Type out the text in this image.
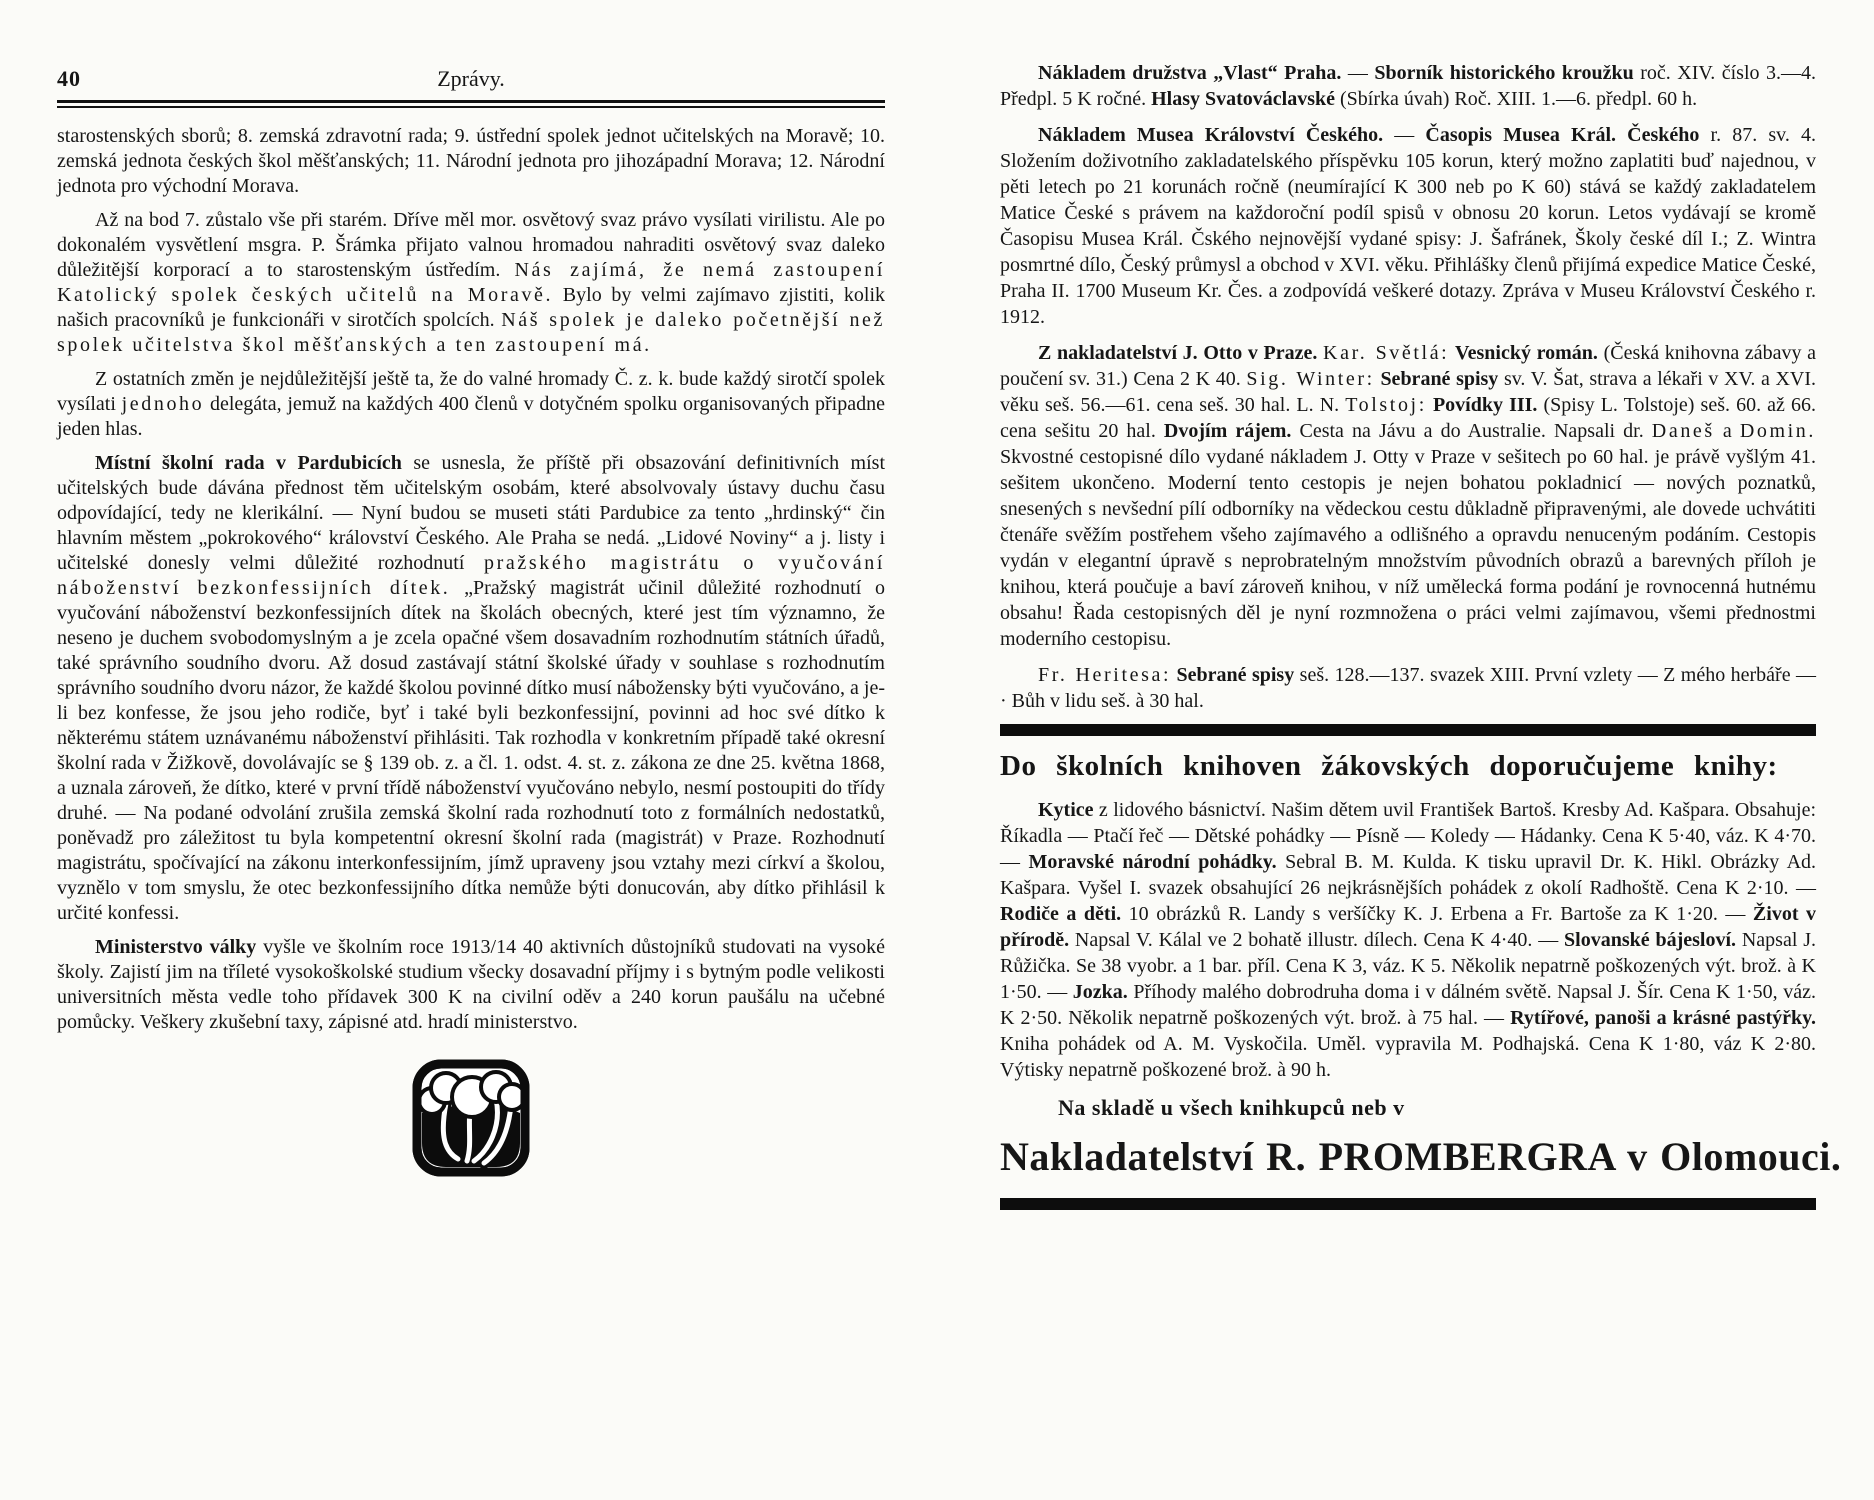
40	Zprávy.

starostenských sborů; 8. zemská zdravotní rada; 9. ústřední spolek jednot učitelských na Moravě; 10. zemská jednota českých škol měšťanských; 11. Národní jednota pro jihozápadní Morava; 12. Národní jednota pro východní Morava.

Až na bod 7. zůstalo vše při starém. Dříve měl mor. osvětový svaz právo vysílati virilistu. Ale po dokonalém vysvětlení msgra. P. Šrámka přijato valnou hromadou nahraditi osvětový svaz daleko důležitější korporací a to starostenským ústředím. Nás zajímá, že nemá zastoupení Katolický spolek českých učitelů na Moravě. Bylo by velmi zajímavo zjistiti, kolik našich pracovníků je funkcionáři v sirotčích spolcích. Náš spolek je daleko početnější než spolek učitelstva škol měšťanských a ten zastoupení má.

Z ostatních změn je nejdůležitější ještě ta, že do valné hromady Č. z. k. bude každý sirotčí spolek vysílati jednoho delegáta, jemuž na každých 400 členů v dotyčném spolku organisovaných připadne jeden hlas.

Místní školní rada v Pardubicích se usnesla, že příště při obsazování definitivních míst učitelských bude dávána přednost těm učitelským osobám, které absolvovaly ústavy duchu času odpovídající, tedy ne klerikální. — Nyní budou se museti státi Pardubice za tento „hrdinský“ čin hlavním městem „pokrokového“ království Českého. Ale Praha se nedá. „Lidové Noviny“ a j. listy i učitelské donesly velmi důležité rozhodnutí pražského magistrátu o vyučování náboženství bezkonfessijních dítek. „Pražský magistrát učinil důležité rozhodnutí o vyučování náboženství bezkonfessijních dítek na školách obecných, které jest tím významno, že neseno je duchem svobodomyslným a je zcela opačné všem dosavadním rozhodnutím státních úřadů, také správního soudního dvoru. Až dosud zastávají státní školské úřady v souhlase s rozhodnutím správního soudního dvoru názor, že každé školou povinné dítko musí nábožensky býti vyučováno, a je-li bez konfesse, že jsou jeho rodiče, byť i také byli bezkonfessijní, povinni ad hoc své dítko k některému státem uznávanému náboženství přihlásiti. Tak rozhodla v konkretním případě také okresní školní rada v Žižkově, dovolávajíc se § 139 ob. z. a čl. 1. odst. 4. st. z. zákona ze dne 25. května 1868, a uznala zároveň, že dítko, které v první třídě náboženství vyučováno nebylo, nesmí postoupiti do třídy druhé. — Na podané odvolání zrušila zemská školní rada rozhodnutí toto z formálních nedostatků, poněvadž pro záležitost tu byla kompetentní okresní školní rada (magistrát) v Praze. Rozhodnutí magistrátu, spočívající na zákonu interkonfessijním, jímž upraveny jsou vztahy mezi církví a školou, vyznělo v tom smyslu, že otec bezkonfessijního dítka nemůže býti donucován, aby dítko přihlásil k určité konfessi.

Ministerstvo války vyšle ve školním roce 1913/14 40 aktivních důstojníků studovati na vysoké školy. Zajistí jim na tříleté vysokoškolské studium všecky dosavadní příjmy i s bytným podle velikosti universitních města vedle toho přídavek 300 K na civilní oděv a 240 korun paušálu na učebné pomůcky. Veškery zkušební taxy, zápisné atd. hradí ministerstvo.

Nákladem družstva „Vlast“ Praha. — Sborník historického kroužku roč. XIV. číslo 3.—4. Předpl. 5 K ročné. Hlasy Svatováclavské (Sbírka úvah) Roč. XIII. 1.—6. předpl. 60 h.

Nákladem Musea Království Českého. — Časopis Musea Král. Českého r. 87. sv. 4. Složením doživotního zakladatelského příspěvku 105 korun, který možno zaplatiti buď najednou, v pěti letech po 21 korunách ročně (neumírající K 300 neb po K 60) stává se každý zakladatelem Matice České s právem na každoroční podíl spisů v obnosu 20 korun. Letos vydávají se kromě Časopisu Musea Král. Čského nejnovější vydané spisy: J. Šafránek, Školy české díl I.; Z. Wintra posmrtné dílo, Český průmysl a obchod v XVI. věku. Přihlášky členů přijímá expedice Matice České, Praha II. 1700 Museum Kr. Čes. a zodpovídá veškeré dotazy. Zpráva v Museu Království Českého r. 1912.

Z nakladatelství J. Otto v Praze. Kar. Světlá: Vesnický román. (Česká knihovna zábavy a poučení sv. 31.) Cena 2 K 40. Sig. Winter: Sebrané spisy sv. V. Šat, strava a lékaři v XV. a XVI. věku seš. 56.—61. cena seš. 30 hal. L. N. Tolstoj: Povídky III. (Spisy L. Tolstoje) seš. 60. až 66. cena sešitu 20 hal. Dvojím rájem. Cesta na Jávu a do Australie. Napsali dr. Daneš a Domin. Skvostné cestopisné dílo vydané nákladem J. Otty v Praze v sešitech po 60 hal. je právě vyšlým 41. sešitem ukončeno. Moderní tento cestopis je nejen bohatou pokladnicí — nových poznatků, snesených s nevšední pílí odborníky na vědeckou cestu důkladně připravenými, ale dovede uchvátiti čtenáře svěžím postřehem všeho zajímavého a odlišného a opravdu nenuceným podáním. Cestopis vydán v elegantní úpravě s neprobratelným množstvím původních obrazů a barevných příloh je knihou, která poučuje a baví zároveň knihou, v níž umělecká forma podání je rovnocenná hutnému obsahu! Řada cestopisných děl je nyní rozmnožena o práci velmi zajímavou, všemi přednostmi moderního cestopisu.

Fr. Heritesa: Sebrané spisy seš. 128.—137. svazek XIII. První vzlety — Z mého herbáře —· Bůh v lidu seš. à 30 hal.

Do školních knihoven žákovských doporučujeme knihy:

Kytice z lidového básnictví. Našim dětem uvil František Bartoš. Kresby Ad. Kašpara. Obsahuje: Říkadla — Ptačí řeč — Dětské pohádky — Písně — Koledy — Hádanky. Cena K 5·40, váz. K 4·70. — Moravské národní pohádky. Sebral B. M. Kulda. K tisku upravil Dr. K. Hikl. Obrázky Ad. Kašpara. Vyšel I. svazek obsahující 26 nejkrásnějších pohádek z okolí Radhoště. Cena K 2·10. — Rodiče a děti. 10 obrázků R. Landy s veršíčky K. J. Erbena a Fr. Bartoše za K 1·20. — Život v přírodě. Napsal V. Kálal ve 2 bohatě illustr. dílech. Cena K 4·40. — Slovanské bájesloví. Napsal J. Růžička. Se 38 vyobr. a 1 bar. příl. Cena K 3, váz. K 5. Několik nepatrně poškozených výt. brož. à K 1·50. — Jozka. Příhody malého dobrodruha doma i v dálném světě. Napsal J. Šír. Cena K 1·50, váz. K 2·50. Několik nepatrně poškozených výt. brož. à 75 hal. — Rytířové, panoši a krásné pastýřky. Kniha pohádek od A. M. Vyskočila. Uměl. vypravila M. Podhajská. Cena K 1·80, váz K 2·80. Výtisky nepatrně poškozené brož. à 90 h.

Na skladě u všech knihkupců neb v

Nakladatelství R. PROMBERGRA v Olomouci.
